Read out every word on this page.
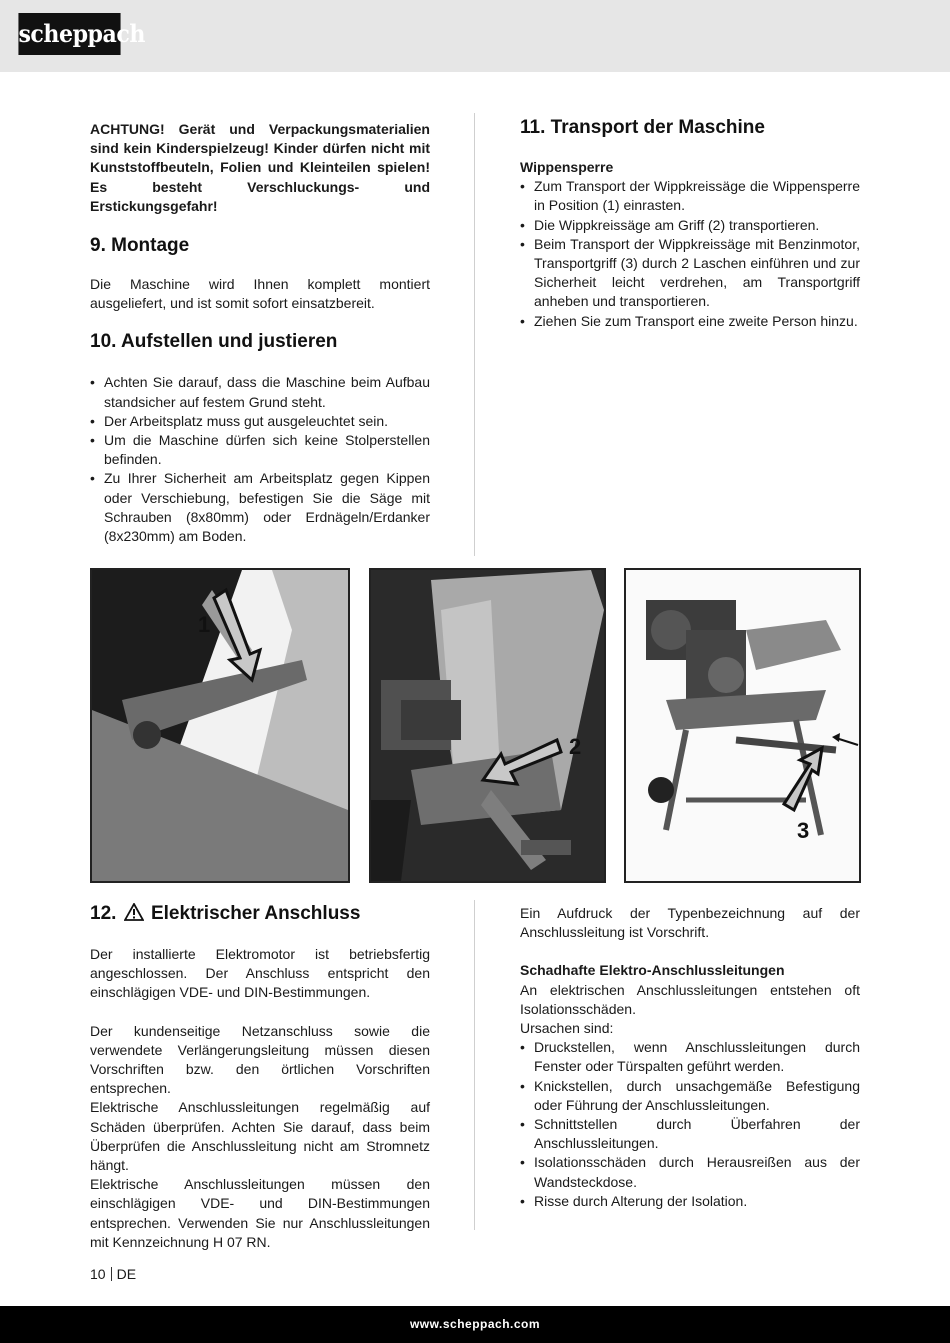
scheppach

ACHTUNG! Gerät und Verpackungsmaterialien sind kein Kinderspielzeug! Kinder dürfen nicht mit Kunststoffbeuteln, Folien und Kleinteilen spielen! Es besteht Verschluckungs- und Erstickungsgefahr!

9. Montage

Die Maschine wird Ihnen komplett montiert ausgeliefert, und ist somit sofort einsatzbereit.

10. Aufstellen und justieren
• Achten Sie darauf, dass die Maschine beim Aufbau standsicher auf festem Grund steht.
• Der Arbeitsplatz muss gut ausgeleuchtet sein.
• Um die Maschine dürfen sich keine Stolperstellen befinden.
• Zu Ihrer Sicherheit am Arbeitsplatz gegen Kippen oder Verschiebung, befestigen Sie die Säge mit Schrauben (8x80mm) oder Erdnägeln/Erdanker (8x230mm) am Boden.
11. Transport der Maschine
Wippensperre
• Zum Transport der Wippkreissäge die Wippensperre in Position (1) einrasten.
• Die Wippkreissäge am Griff (2) transportieren.
• Beim Transport der Wippkreissäge mit Benzinmotor, Transportgriff (3) durch 2 Laschen einführen und zur Sicherheit leicht verdrehen, am Transportgriff anheben und transportieren.
• Ziehen Sie zum Transport eine zweite Person hinzu.
1
2
3
12. Elektrischer Anschluss

Der installierte Elektromotor ist betriebsfertig angeschlossen. Der Anschluss entspricht den einschlägigen VDE- und DIN-Bestimmungen.

Der kundenseitige Netzanschluss sowie die verwendete Verlängerungsleitung müssen diesen Vorschriften bzw. den örtlichen Vorschriften entsprechen.

Elektrische Anschlussleitungen regelmäßig auf Schäden überprüfen. Achten Sie darauf, dass beim Überprüfen die Anschlussleitung nicht am Stromnetz hängt.

Elektrische Anschlussleitungen müssen den einschlägigen VDE- und DIN-Bestimmungen entsprechen. Verwenden Sie nur Anschlussleitungen mit Kennzeichnung H 07 RN.

Ein Aufdruck der Typenbezeichnung auf der Anschlussleitung ist Vorschrift.

Schadhafte Elektro-Anschlussleitungen

An elektrischen Anschlussleitungen entstehen oft Isolationsschäden.

Ursachen sind:

• Druckstellen, wenn Anschlussleitungen durch Fenster oder Türspalten geführt werden.
• Knickstellen, durch unsachgemäße Befestigung oder Führung der Anschlussleitungen.
• Schnittstellen durch Überfahren der Anschlussleitungen.
• Isolationsschäden durch Herausreißen aus der Wandsteckdose.
• Risse durch Alterung der Isolation.
10 DE
www.scheppach.com
